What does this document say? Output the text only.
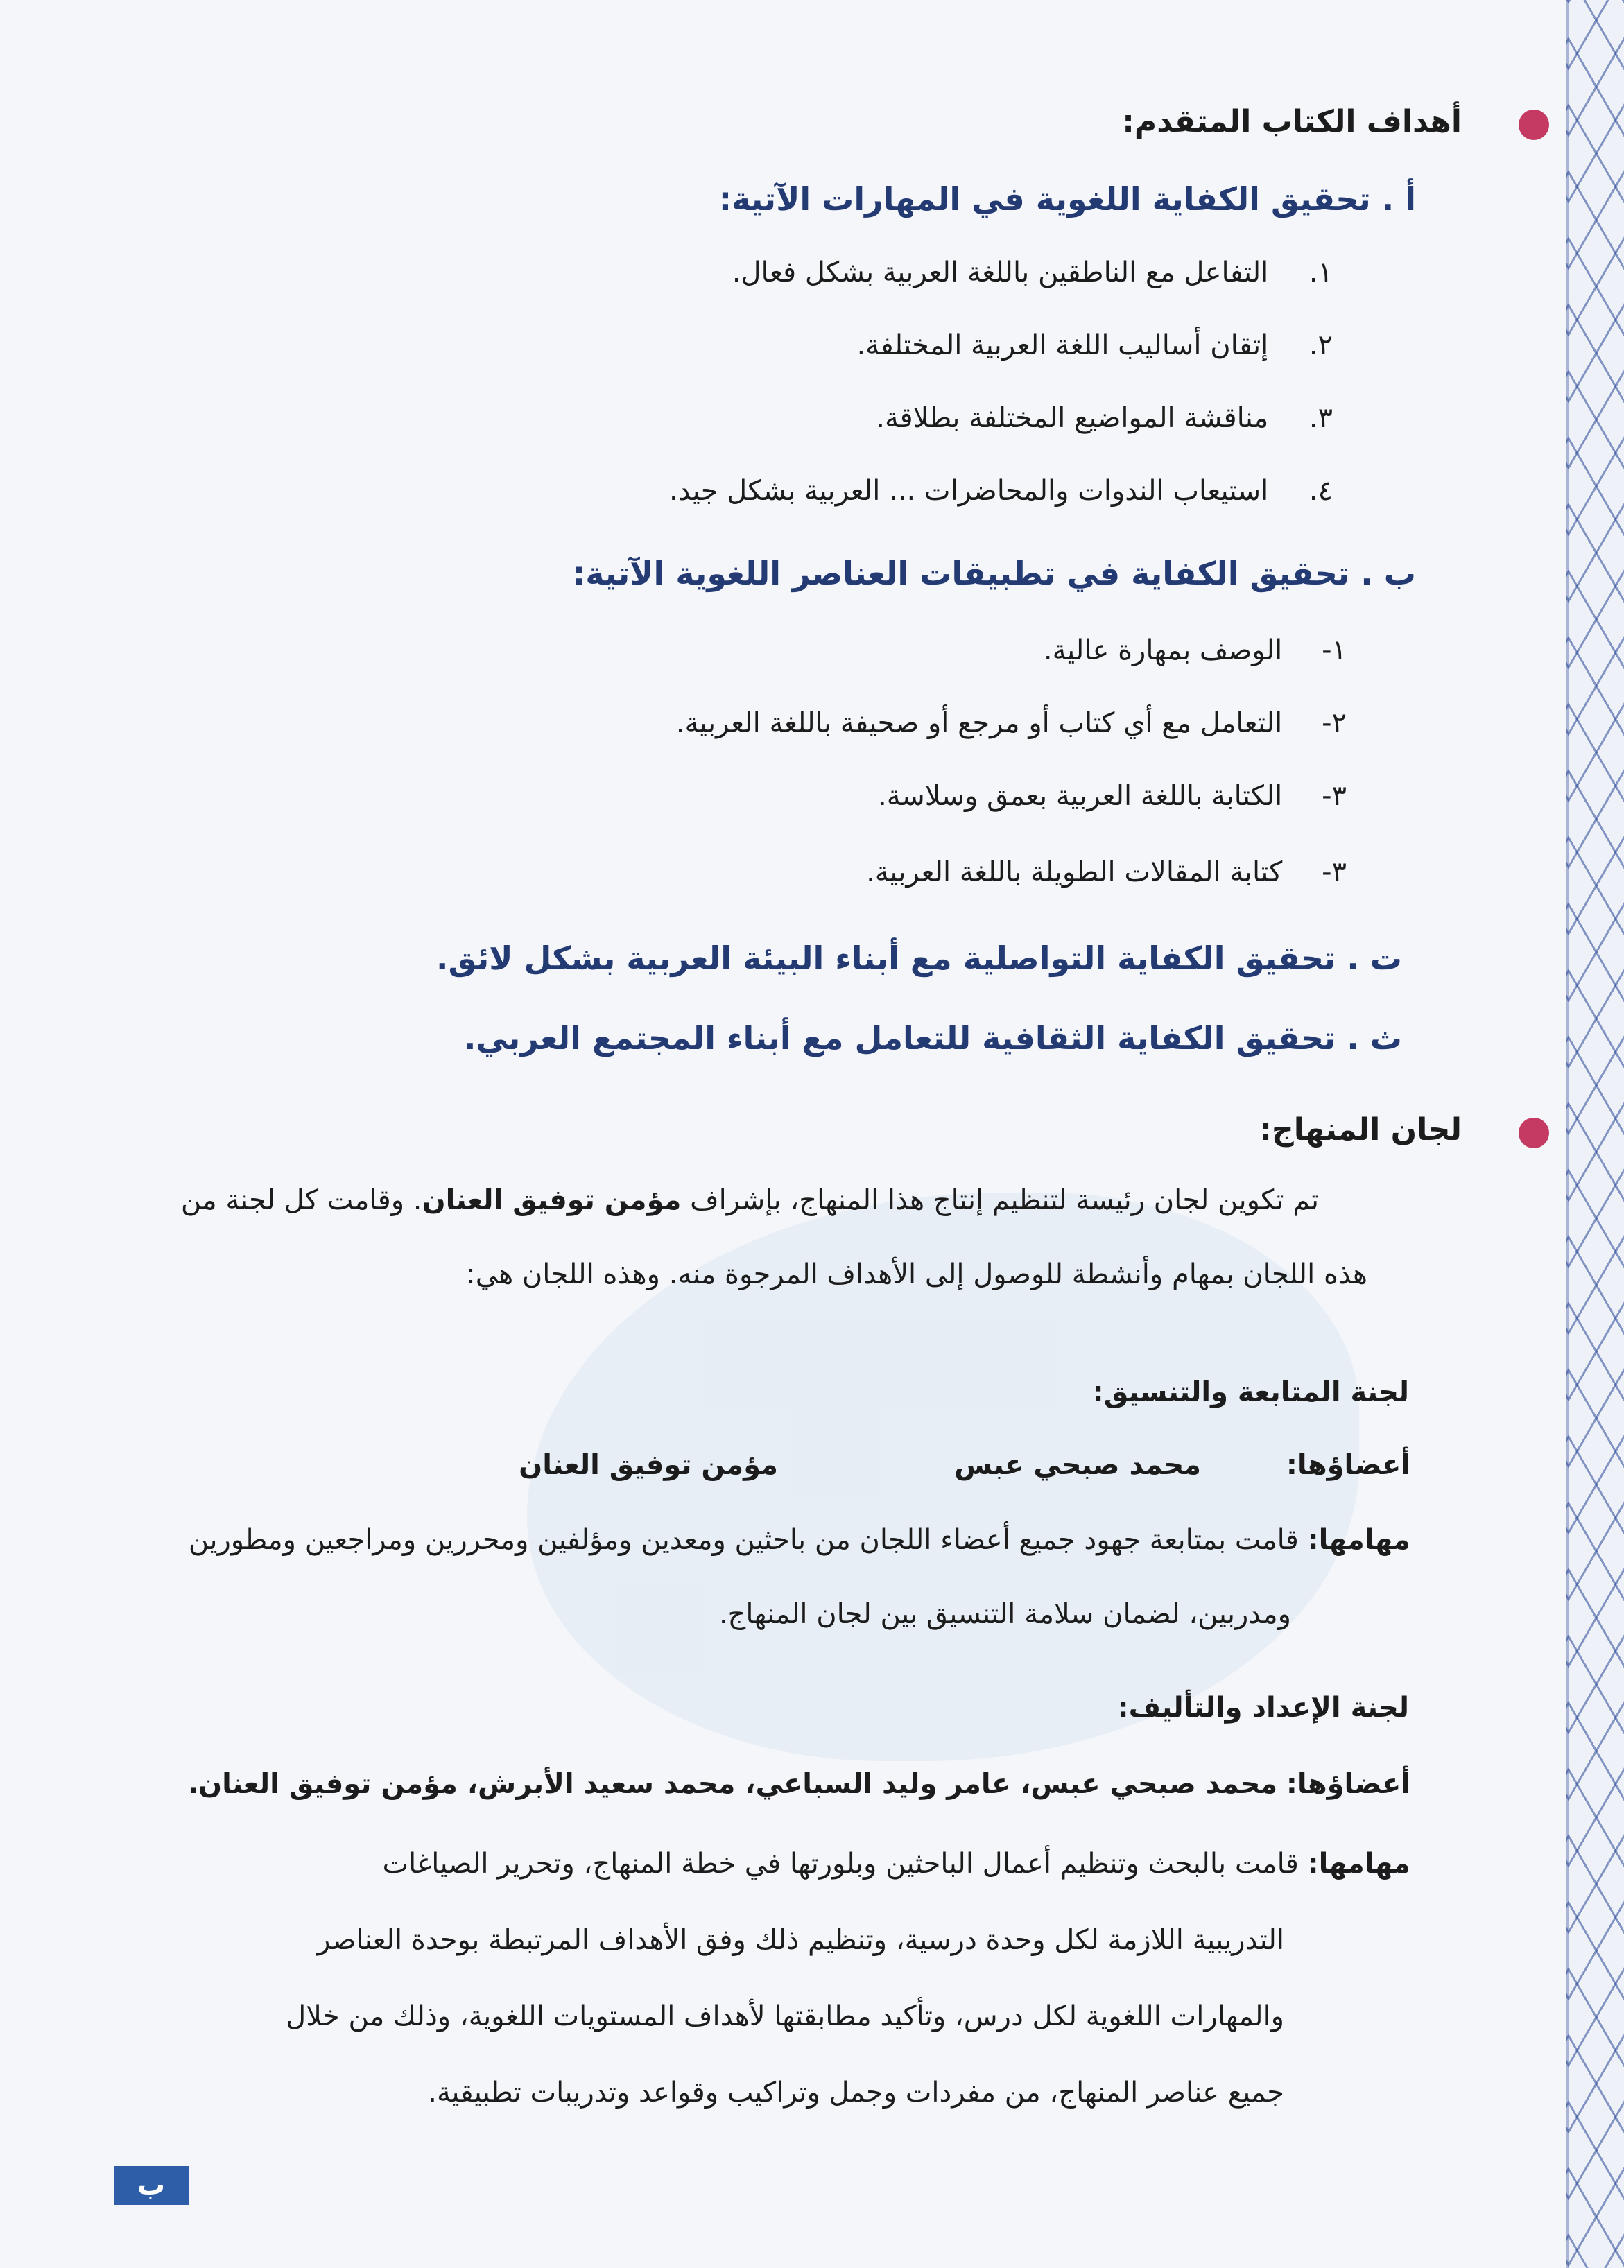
أهداف الكتاب المتقدم:
أ . تحقيق الكفاية اللغوية في المهارات الآتية:
١. التفاعل مع الناطقين باللغة العربية بشكل فعال.
٢. إتقان أساليب اللغة العربية المختلفة.
٣. مناقشة المواضيع المختلفة بطلاقة.
٤. استيعاب الندوات والمحاضرات ... العربية بشكل جيد.
ب . تحقيق الكفاية في تطبيقات العناصر اللغوية الآتية:
١- الوصف بمهارة عالية.
٢- التعامل مع أي كتاب أو مرجع أو صحيفة باللغة العربية.
٣- الكتابة باللغة العربية بعمق وسلاسة.
٣- كتابة المقالات الطويلة باللغة العربية.
ت . تحقيق الكفاية التواصلية مع أبناء البيئة العربية بشكل لائق.
ث . تحقيق الكفاية الثقافية للتعامل مع أبناء المجتمع العربي.
لجان المنهاج:
تم تكوين لجان رئيسة لتنظيم إنتاج هذا المنهاج، بإشراف مؤمن توفيق العنان. وقامت كل لجنة من
هذه اللجان بمهام وأنشطة للوصول إلى الأهداف المرجوة منه. وهذه اللجان هي:
لجنة المتابعة والتنسيق:
أعضاؤها:
محمد صبحي عبس
مؤمن توفيق العنان
مهامها: قامت بمتابعة جهود جميع أعضاء اللجان من باحثين ومعدين ومؤلفين ومحررين ومراجعين ومطورين
ومدربين، لضمان سلامة التنسيق بين لجان المنهاج.
لجنة الإعداد والتأليف:
أعضاؤها: محمد صبحي عبس، عامر وليد السباعي، محمد سعيد الأبرش، مؤمن توفيق العنان.
مهامها: قامت بالبحث وتنظيم أعمال الباحثين وبلورتها في خطة المنهاج، وتحرير الصياغات
التدريبية اللازمة لكل وحدة درسية، وتنظيم ذلك وفق الأهداف المرتبطة بوحدة العناصر
والمهارات اللغوية لكل درس، وتأكيد مطابقتها لأهداف المستويات اللغوية، وذلك من خلال
جميع عناصر المنهاج، من مفردات وجمل وتراكيب وقواعد وتدريبات تطبيقية.
ب
